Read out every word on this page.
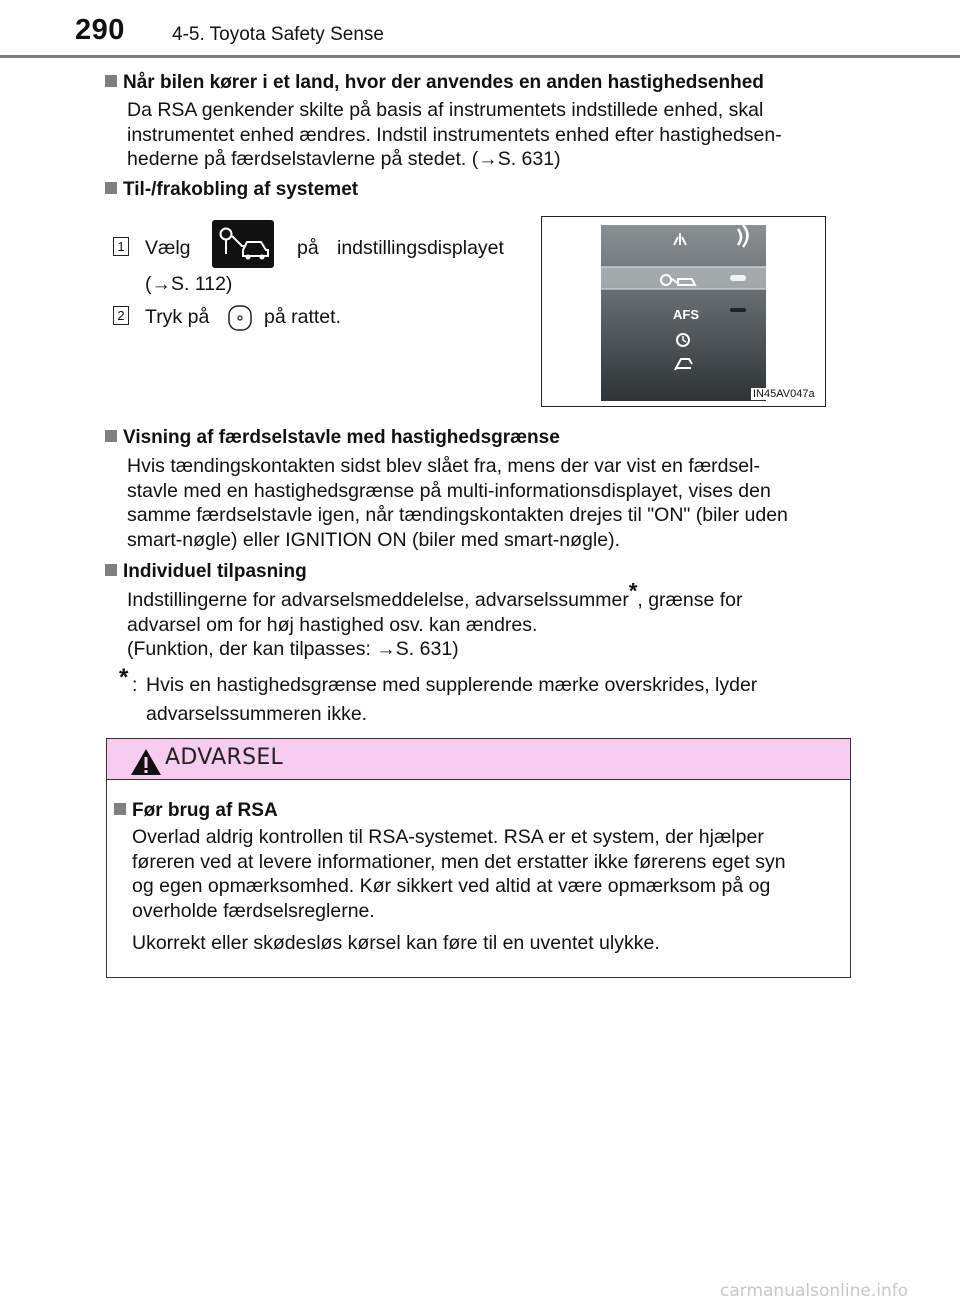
290 4-5. Toyota Safety Sense
Når bilen kører i et land, hvor der anvendes en anden hastighedsenhed
Da RSA genkender skilte på basis af instrumentets indstillede enhed, skal
instrumentet enhed ændres. Indstil instrumentets enhed efter hastighedsen-
hederne på færdselstavlerne på stedet. (→S. 631)
Til-/frakobling af systemet
1 Vælg	på indstillingsdisplayet
(→S. 112)
2 Tryk på	på rattet.	AFS
IN45AV047a
Visning af færdselstavle med hastighedsgrænse
Hvis tændingskontakten sidst blev slået fra, mens der var vist en færdsel-
stavle med en hastighedsgrænse på multi-informationsdisplayet, vises den
samme færdselstavle igen, når tændingskontakten drejes til "ON" (biler uden
smart-nøgle) eller IGNITION ON (biler med smart-nøgle).
Individuel tilpasning
Indstillingerne for advarselsmeddelelse, advarselssummer*, grænse for
advarsel om for høj hastighed osv. kan ændres.
(Funktion, der kan tilpasses: →S. 631)
* : Hvis en hastighedsgrænse med supplerende mærke overskrides, lyder
advarselssummeren ikke.
ADVARSEL
Før brug af RSA
Overlad aldrig kontrollen til RSA-systemet. RSA er et system, der hjælper
føreren ved at levere informationer, men det erstatter ikke førerens eget syn
og egen opmærksomhed. Kør sikkert ved altid at være opmærksom på og
overholde færdselsreglerne.
Ukorrekt eller skødesløs kørsel kan føre til en uventet ulykke.
carmanualsonline.info
